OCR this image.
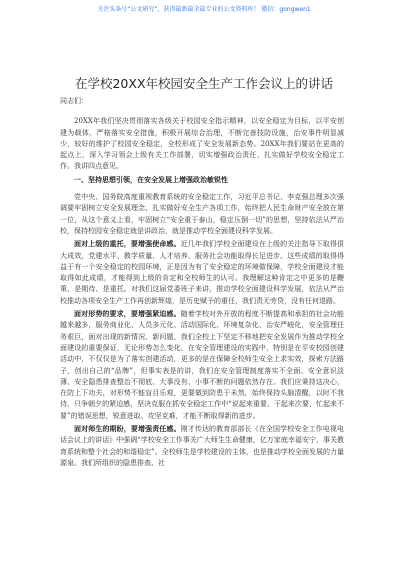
关注头条号“公文研究”，获得最新最全最专业的公文资料库！ 微信：gongwen1
在学校20XX年校园安全生产工作会议上的讲话

同志们：

20XX年我们坚决贯彻落实各级关于校园安全指示精神，以安全稳定为目标，以平安创建为载体，严格落实安全措施，积极开展综合治理，不断完善技防设施，治安事件明显减少，较好的维护了校园安全稳定，全校形成了安全发展新态势。20XX年我们要站在更高的起点上，深入学习领会上级有关工作部署，切实增强政治责任，扎实做好学校安全稳定工作。我讲四点意见。

一、坚持思想引领，在安全发展上增强政治敏锐性

党中央、国务院高度重视教育系统的安全稳定工作，习近平总书记、李克强总理多次强调要牢固树立安全发展理念，扎实做好安全生产各项工作，始终把人民生命财产安全放在第一位，从这个意义上看，牢固树立“安全重于泰山，稳定压倒一切”的思想，坚持依法从严治校，保持校园安全稳定就是讲政治，就是推动学校全面建设科学发展。

面对上级的重托，要增强使命感。近几年我们学校全面建设在上级的关注指导下取得很大成效，党建水平、教学质量、人才培养、服务社会功能取得长足进步。这些成绩的取得得益于有一个安全稳定的校园环境，正是因为有了安全稳定的环境做保障，学校全面建设才能取得如此成绩，才能得到上级的肯定和全校师生的认可。我理解这种肯定之中更多的是鞭策、是期待、是重托。对我们这届党委班子来讲，推动学校全面建设科学发展，依法从严治校推动各项安全生产工作再创新辉煌，是历史赋予的重任，我们责无旁贷，没有任何退路。

面对形势的要求，要增强紧迫感。随着学校对外开放的程度不断提高和承担的社会功能越来越多，服务商业化、人员多元化、活动国际化、环境复杂化、治安严峻化，安全管理任务艰巨，面对出现的新情况、新问题，我们全校上下坚定不移地把安全发展作为推动学校全面建设的重要保证，无论形势怎么变化，在安全管理建设的实践中，特别是在平安校园创建活动中，不仅仅是为了落实创建活动，更多的是在保障全校师生安全上求实效，探索方法路子，创出自己的“品牌”，但事实表是的讲，我们在安全管理制度落实不全面、安全意识淡薄、安全隐患排查整治不彻底、大事没有、小事不断的问题依然存在。我们应秉持这决心，在防上下功夫，对形势不能盲目乐观，更要做到防患于未然，始终保持头脑清醒，以时不我待、只争朝夕的紧迫感，坚决克服在抓安全稳定工作中“说起来重要、干起来次要、忙起来不要”的错误思想，锐意进取、攻坚克难，才能不断取得新的进步。

面对师生的期盼，要增强责任感。刚才传达的教育部部长《在全国学校安全工作电视电话会议上的讲话》中强调“学校安全工作事关广大师生生命健康，亿万家庭幸福安宁，事关教育系统和整个社会的和谐稳定”。全校师生是学校建设的主体，也是推动学校全面发展的力量源泉。我们所组织的隐患排查、社
